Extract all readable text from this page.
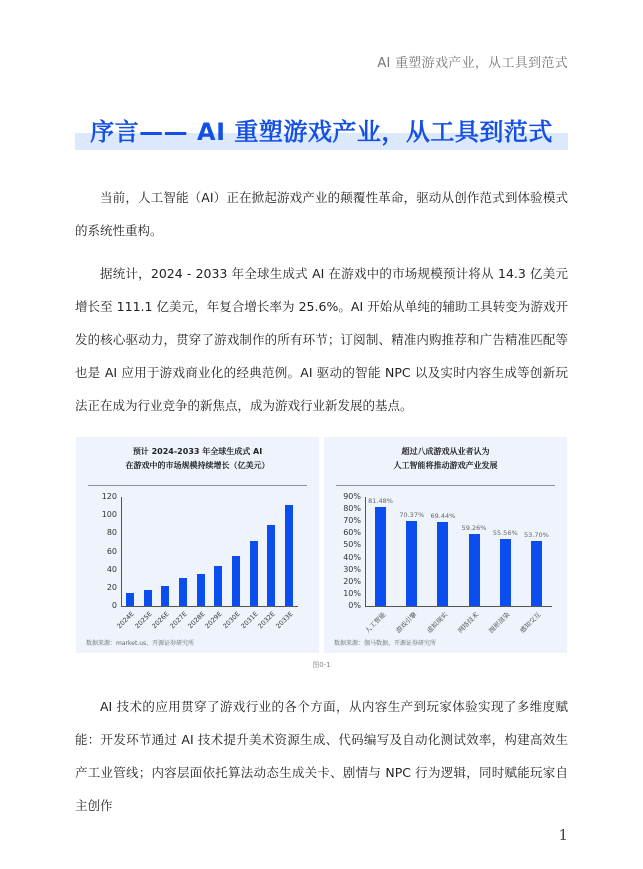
AI 重塑游戏产业，从工具到范式
序言—— AI 重塑游戏产业，从工具到范式

当前，人工智能（AI）正在掀起游戏产业的颠覆性革命，驱动从创作范式到体验模式的系统性重构。

据统计，2024 - 2033 年全球生成式 AI 在游戏中的市场规模预计将从 14.3 亿美元增长至 111.1 亿美元，年复合增长率为 25.6%。AI 开始从单纯的辅助工具转变为游戏开发的核心驱动力，贯穿了游戏制作的所有环节；订阅制、精准内购推荐和广告精准匹配等也是 AI 应用于游戏商业化的经典范例。AI 驱动的智能 NPC 以及实时内容生成等创新玩法正在成为行业竞争的新焦点，成为游戏行业新发展的基点。

预计 2024-2033 年全球生成式 AI
在游戏中的市场规模持续增长（亿美元）
0
20
40
60
80
100
120
2024E
2025E
2026E
2027E
2028E
2029E
2030E
2031E
2032E
2033E
数据来源：market.us、开源证券研究所
超过八成游戏从业者认为
人工智能将推动游戏产业发展
0%
10%
20%
30%
40%
50%
60%
70%
80%
90%
81.48%
人工智能
70.37%
游戏引擎
69.44%
虚拟现实
59.26%
网络技术
55.56%
图形渲染
53.70%
感知交互
数据来源：伽马数据、开源证券研究所
图0-1

AI 技术的应用贯穿了游戏行业的各个方面，从内容生产到玩家体验实现了多维度赋能：开发环节通过 AI 技术提升美术资源生成、代码编写及自动化测试效率，构建高效生产工业管线；内容层面依托算法动态生成关卡、剧情与 NPC 行为逻辑，同时赋能玩家自主创作

1
